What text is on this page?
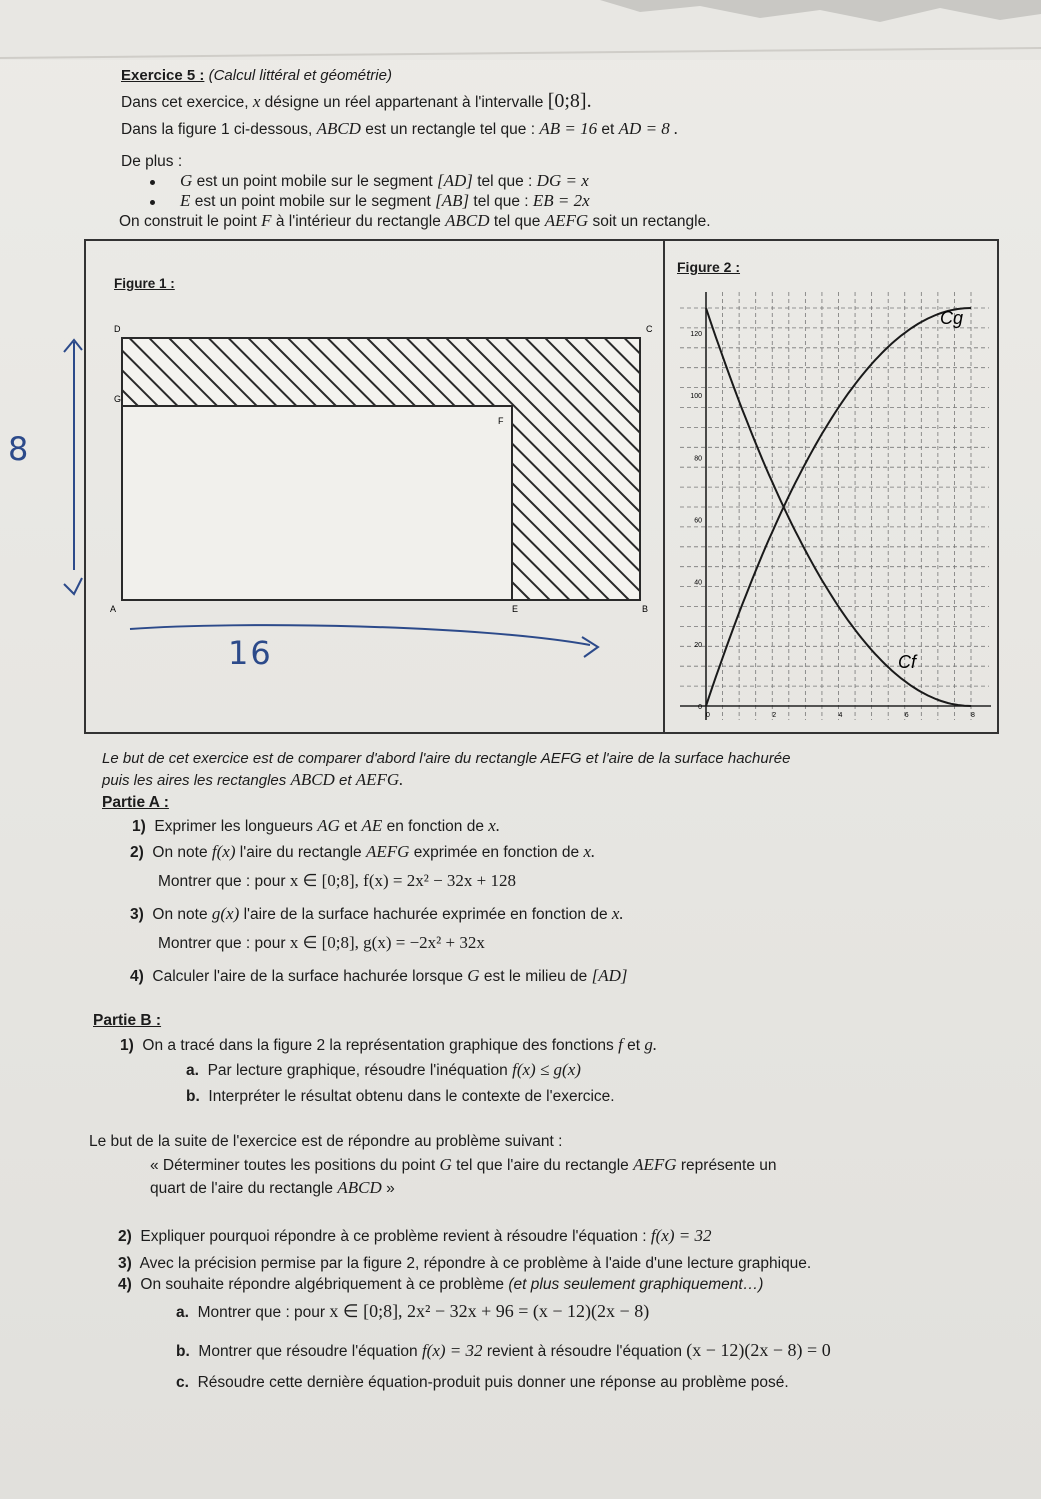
Exercice 5 : (Calcul littéral et géométrie)
Dans cet exercice, x désigne un réel appartenant à l'intervalle [0;8].
Dans la figure 1 ci-dessous, ABCD est un rectangle tel que : AB = 16 et AD = 8 .
De plus :
G est un point mobile sur le segment [AD] tel que : DG = x
E est un point mobile sur le segment [AB] tel que : EB = 2x
On construit le point F à l'intérieur du rectangle ABCD tel que AEFG soit un rectangle.
Figure 1 :
D	C
G
F
A	E	B
8
16
Figure 2 :
0
20
40
60
80
100
120
0	2	4	6	8
Cg
Cf
Le but de cet exercice est de comparer d'abord l'aire du rectangle AEFG et l'aire de la surface hachurée
puis les aires les rectangles ABCD et AEFG.
Partie A :
1) Exprimer les longueurs AG et AE en fonction de x.
2) On note f(x) l'aire du rectangle AEFG exprimée en fonction de x.
Montrer que : pour x ∈ [0;8], f(x) = 2x² − 32x + 128
3) On note g(x) l'aire de la surface hachurée exprimée en fonction de x.
Montrer que : pour x ∈ [0;8], g(x) = −2x² + 32x
4) Calculer l'aire de la surface hachurée lorsque G est le milieu de [AD]
Partie B :
1) On a tracé dans la figure 2 la représentation graphique des fonctions f et g.
a. Par lecture graphique, résoudre l'inéquation f(x) ≤ g(x)
b. Interpréter le résultat obtenu dans le contexte de l'exercice.
Le but de la suite de l'exercice est de répondre au problème suivant :
« Déterminer toutes les positions du point G tel que l'aire du rectangle AEFG représente un
quart de l'aire du rectangle ABCD »
2) Expliquer pourquoi répondre à ce problème revient à résoudre l'équation : f(x) = 32
3) Avec la précision permise par la figure 2, répondre à ce problème à l'aide d'une lecture graphique.
4) On souhaite répondre algébriquement à ce problème (et plus seulement graphiquement…)
a. Montrer que : pour x ∈ [0;8], 2x² − 32x + 96 = (x − 12)(2x − 8)
b. Montrer que résoudre l'équation f(x) = 32 revient à résoudre l'équation (x − 12)(2x − 8) = 0
c. Résoudre cette dernière équation-produit puis donner une réponse au problème posé.
